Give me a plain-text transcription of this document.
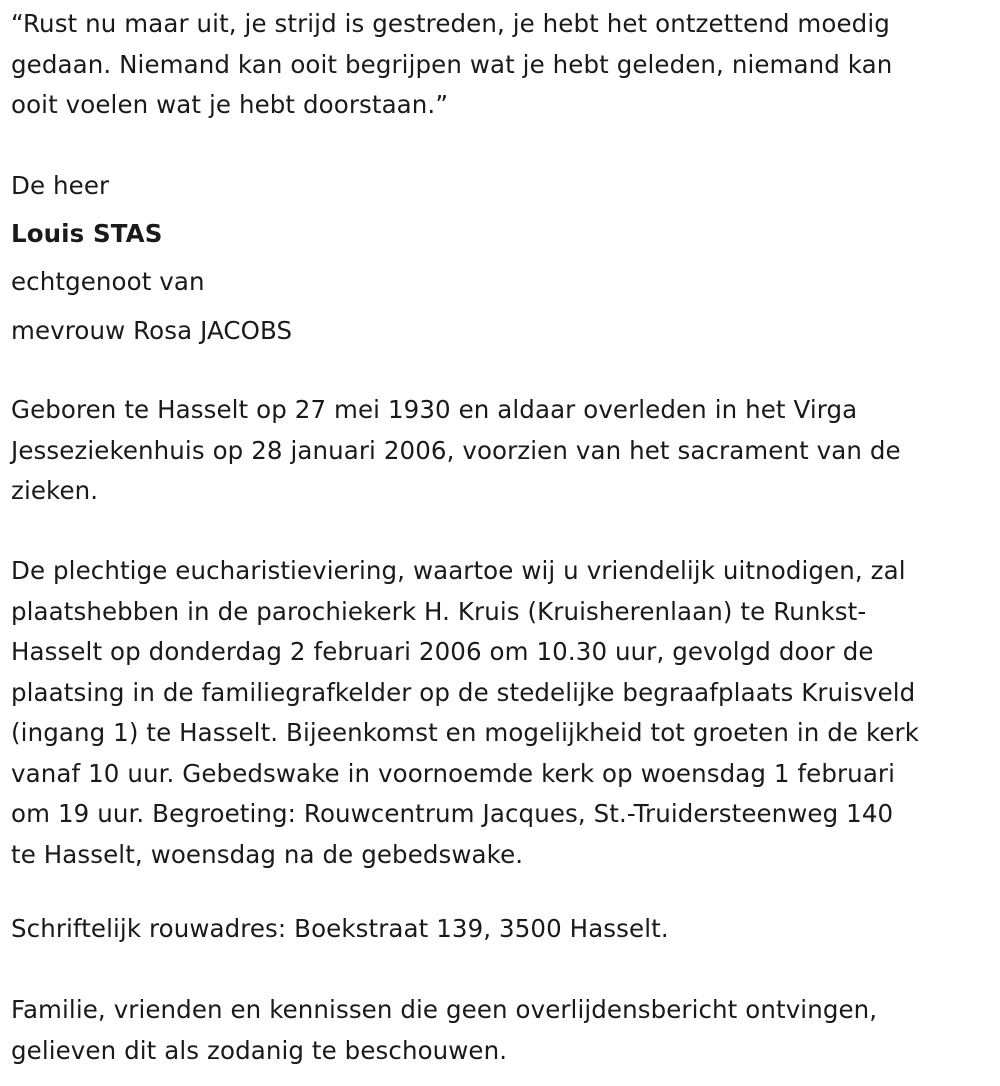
“Rust nu maar uit, je strijd is gestreden, je hebt het ontzettend moedig
gedaan. Niemand kan ooit begrijpen wat je hebt geleden, niemand kan
ooit voelen wat je hebt doorstaan.”

De heer

Louis STAS

echtgenoot van

mevrouw Rosa JACOBS

Geboren te Hasselt op 27 mei 1930 en aldaar overleden in het Virga
Jesseziekenhuis op 28 januari 2006, voorzien van het sacrament van de
zieken.

De plechtige eucharistieviering, waartoe wij u vriendelijk uitnodigen, zal
plaatshebben in de parochiekerk H. Kruis (Kruisherenlaan) te Runkst-
Hasselt op donderdag 2 februari 2006 om 10.30 uur, gevolgd door de
plaatsing in de familiegrafkelder op de stedelijke begraafplaats Kruisveld
(ingang 1) te Hasselt. Bijeenkomst en mogelijkheid tot groeten in de kerk
vanaf 10 uur. Gebedswake in voornoemde kerk op woensdag 1 februari
om 19 uur. Begroeting: Rouwcentrum Jacques, St.-Truidersteenweg 140
te Hasselt, woensdag na de gebedswake.

Schriftelijk rouwadres: Boekstraat 139, 3500 Hasselt.

Familie, vrienden en kennissen die geen overlijdensbericht ontvingen,
gelieven dit als zodanig te beschouwen.
